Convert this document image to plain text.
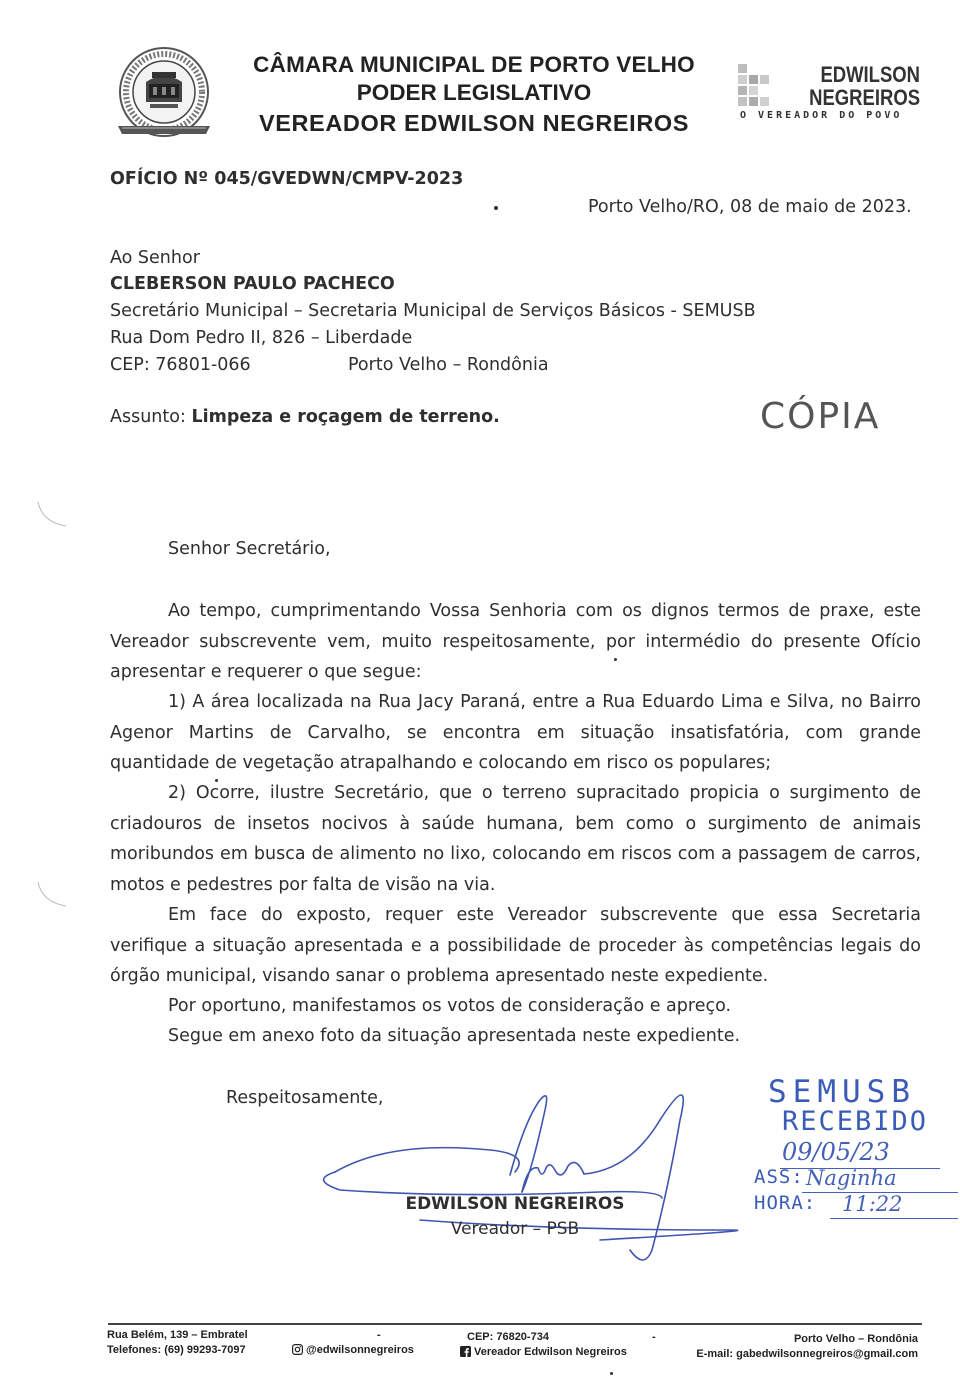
CÂMARA MUNICIPAL DE PORTO VELHO
PODER LEGISLATIVO
VEREADOR EDWILSON NEGREIROS
EDWILSON
NEGREIROS
O VEREADOR DO POVO
OFÍCIO Nº 045/GVEDWN/CMPV-2023
Porto Velho/RO, 08 de maio de 2023.
Ao Senhor
CLEBERSON PAULO PACHECO
Secretário Municipal – Secretaria Municipal de Serviços Básicos - SEMUSB
Rua Dom Pedro II, 826 – Liberdade
CEP: 76801-066	Porto Velho – Rondônia
Assunto: Limpeza e roçagem de terreno.	CÓPIA
Senhor Secretário,

Ao tempo, cumprimentando Vossa Senhoria com os dignos termos de praxe, este Vereador subscrevente vem, muito respeitosamente, por intermédio do presente Ofício apresentar e requerer o que segue:

1) A área localizada na Rua Jacy Paraná, entre a Rua Eduardo Lima e Silva, no Bairro Agenor Martins de Carvalho, se encontra em situação insatisfatória, com grande quantidade de vegetação atrapalhando e colocando em risco os populares;

2) Ocorre, ilustre Secretário, que o terreno supracitado propicia o surgimento de criadouros de insetos nocivos à saúde humana, bem como o surgimento de animais moribundos em busca de alimento no lixo, colocando em riscos com a passagem de carros, motos e pedestres por falta de visão na via.

Em face do exposto, requer este Vereador subscrevente que essa Secretaria verifique a situação apresentada e a possibilidade de proceder às competências legais do órgão municipal, visando sanar o problema apresentado neste expediente.

Por oportuno, manifestamos os votos de consideração e apreço.

Segue em anexo foto da situação apresentada neste expediente.

Respeitosamente,
EDWILSON NEGREIROS
Vereador – PSB
SEMUSB
RECEBIDO
09/05/23
ASS: Naginha
HORA: 11:22
Rua Belém, 139 – Embratel
Telefones: (69) 99293-7097
-
@edwilsonnegreiros
CEP: 76820-734
Vereador Edwilson Negreiros
-	Porto Velho – Rondônia
E-mail: gabedwilsonnegreiros@gmail.com
